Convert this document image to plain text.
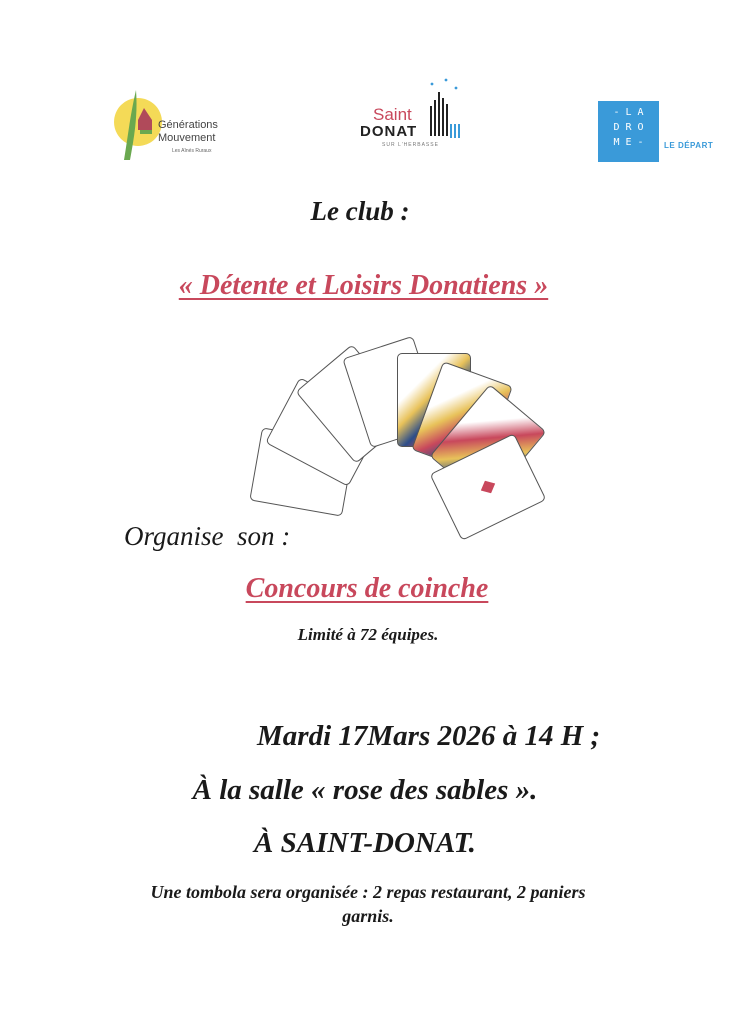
Générations
Mouvement
Les Aînés Ruraux
Saint
DONAT
SUR L'HERBASSE
- L A
D R O
M E -	LE DÉPART
Le club :
« Détente et Loisirs Donatiens »
Organise  son :
Concours de coinche
Limité à 72 équipes.
Mardi 17Mars 2026 à 14 H ;
À la salle « rose des sables ».
À SAINT-DONAT.
Une tombola sera organisée : 2 repas restaurant, 2 paniers
garnis.
